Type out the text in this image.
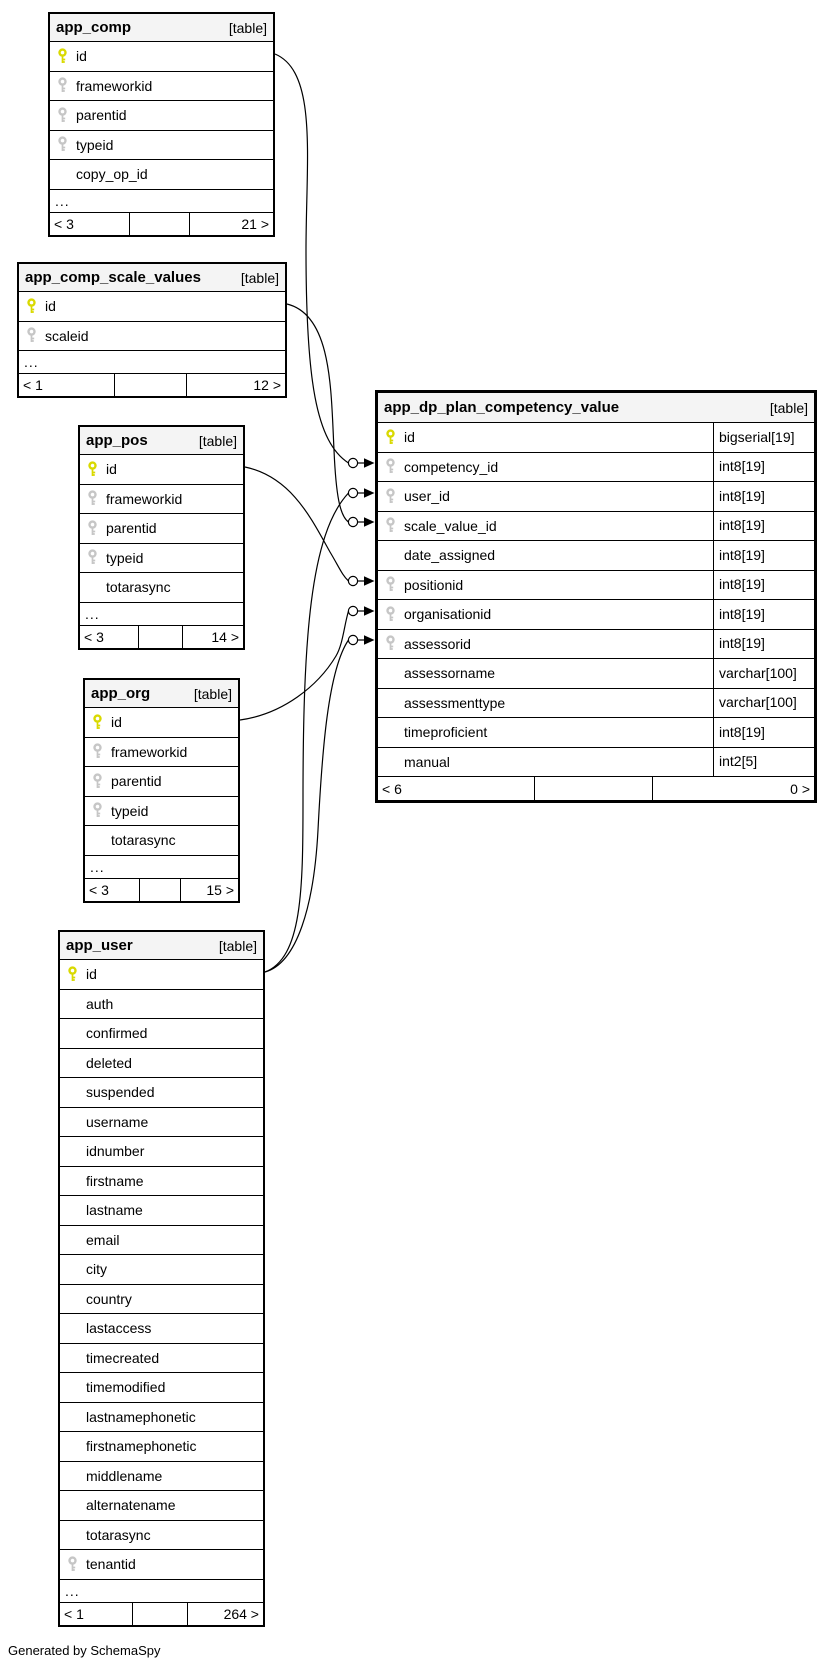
app_comp	[table]
id
frameworkid
parentid
typeid
copy_op_id
...
< 3	21 >
app_comp_scale_values	[table]
id
scaleid
...
< 1	12 >
app_pos	[table]
id
frameworkid
parentid
typeid
totarasync
...
< 3	14 >
app_org	[table]
id
frameworkid
parentid
typeid
totarasync
...
< 3	15 >
app_user	[table]
id
auth
confirmed
deleted
suspended
username
idnumber
firstname
lastname
email
city
country
lastaccess
timecreated
timemodified
lastnamephonetic
firstnamephonetic
middlename
alternatename
totarasync
tenantid
...
< 1	264 >
app_dp_plan_competency_value	[table]
id	bigserial[19]
competency_id	int8[19]
user_id	int8[19]
scale_value_id	int8[19]
date_assigned	int8[19]
positionid	int8[19]
organisationid	int8[19]
assessorid	int8[19]
assessorname	varchar[100]
assessmenttype	varchar[100]
timeproficient	int8[19]
manual	int2[5]
< 6	0 >
Generated by SchemaSpy
